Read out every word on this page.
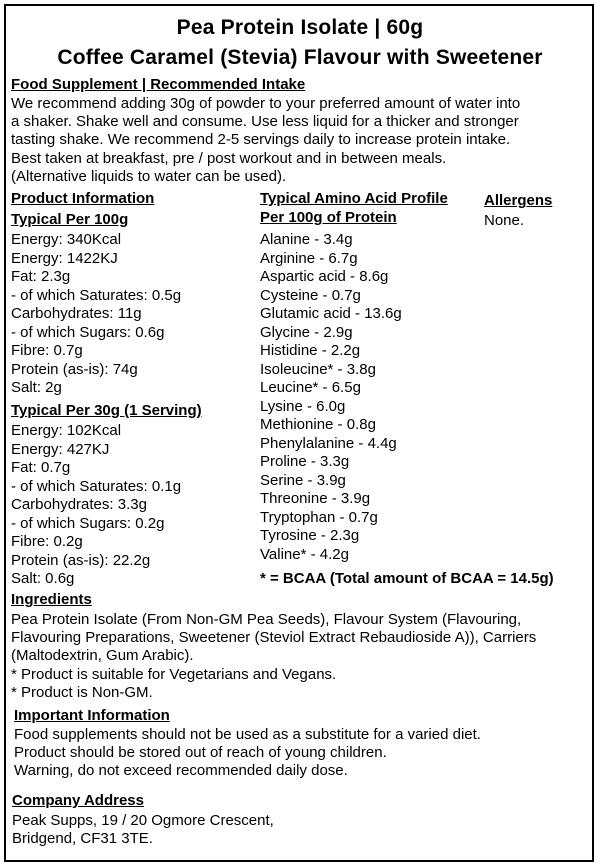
Pea Protein Isolate | 60g
Coffee Caramel (Stevia) Flavour with Sweetener
Food Supplement | Recommended Intake
We recommend adding 30g of powder to your preferred amount of water into
a shaker. Shake well and consume. Use less liquid for a thicker and stronger
tasting shake. We recommend 2-5 servings daily to increase protein intake.
Best taken at breakfast, pre / post workout and in between meals.
(Alternative liquids to water can be used).
Product Information
Typical Per 100g
Energy: 340Kcal
Energy: 1422KJ
Fat: 2.3g
- of which Saturates: 0.5g
Carbohydrates: 11g
- of which Sugars: 0.6g
Fibre: 0.7g
Protein (as-is): 74g
Salt: 2g
Typical Per 30g (1 Serving)
Energy: 102Kcal
Energy: 427KJ
Fat: 0.7g
- of which Saturates: 0.1g
Carbohydrates: 3.3g
- of which Sugars: 0.2g
Fibre: 0.2g
Protein (as-is): 22.2g
Salt: 0.6g
Typical Amino Acid Profile
Per 100g of Protein
Alanine - 3.4g
Arginine - 6.7g
Aspartic acid - 8.6g
Cysteine - 0.7g
Glutamic acid - 13.6g
Glycine - 2.9g
Histidine - 2.2g
Isoleucine* - 3.8g
Leucine* - 6.5g
Lysine - 6.0g
Methionine - 0.8g
Phenylalanine - 4.4g
Proline - 3.3g
Serine - 3.9g
Threonine - 3.9g
Tryptophan - 0.7g
Tyrosine - 2.3g
Valine* - 4.2g
* = BCAA (Total amount of BCAA = 14.5g)
Allergens
None.
Ingredients
Pea Protein Isolate (From Non-GM Pea Seeds), Flavour System (Flavouring,
Flavouring Preparations, Sweetener (Steviol Extract Rebaudioside A)), Carriers
(Maltodextrin, Gum Arabic).
* Product is suitable for Vegetarians and Vegans.
* Product is Non-GM.
Important Information
Food supplements should not be used as a substitute for a varied diet.
Product should be stored out of reach of young children.
Warning, do not exceed recommended daily dose.
Company Address
Peak Supps, 19 / 20 Ogmore Crescent,
Bridgend, CF31 3TE.
